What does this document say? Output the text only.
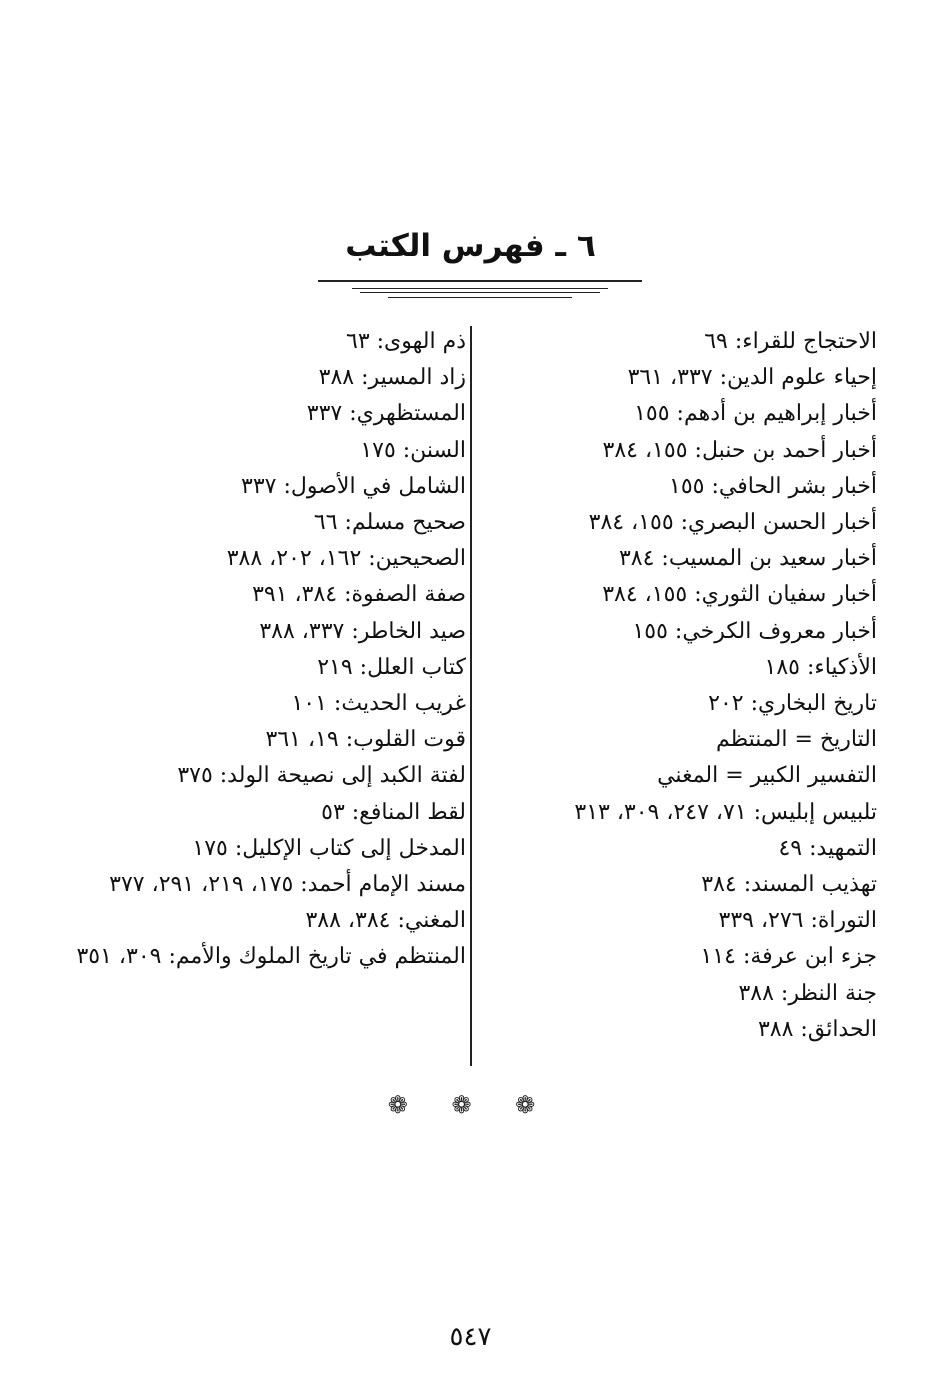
٦ ـ فهرس الكتب
الاحتجاج للقراء: ٦٩
إحياء علوم الدين: ٣٣٧، ٣٦١
أخبار إبراهيم بن أدهم: ١٥٥
أخبار أحمد بن حنبل: ١٥٥، ٣٨٤
أخبار بشر الحافي: ١٥٥
أخبار الحسن البصري: ١٥٥، ٣٨٤
أخبار سعيد بن المسيب: ٣٨٤
أخبار سفيان الثوري: ١٥٥، ٣٨٤
أخبار معروف الكرخي: ١٥٥
الأذكياء: ١٨٥
تاريخ البخاري: ٢٠٢
التاريخ = المنتظم
التفسير الكبير = المغني
تلبيس إبليس: ٧١، ٢٤٧، ٣٠٩، ٣١٣
التمهيد: ٤٩
تهذيب المسند: ٣٨٤
التوراة: ٢٧٦، ٣٣٩
جزء ابن عرفة: ١١٤
جنة النظر: ٣٨٨
الحدائق: ٣٨٨
ذم الهوى: ٦٣
زاد المسير: ٣٨٨
المستظهري: ٣٣٧
السنن: ١٧٥
الشامل في الأصول: ٣٣٧
صحيح مسلم: ٦٦
الصحيحين: ١٦٢، ٢٠٢، ٣٨٨
صفة الصفوة: ٣٨٤، ٣٩١
صيد الخاطر: ٣٣٧، ٣٨٨
كتاب العلل: ٢١٩
غريب الحديث: ١٠١
قوت القلوب: ١٩، ٣٦١
لفتة الكبد إلى نصيحة الولد: ٣٧٥
لقط المنافع: ٥٣
المدخل إلى كتاب الإكليل: ١٧٥
مسند الإمام أحمد: ١٧٥، ٢١٩، ٢٩١، ٣٧٧
المغني: ٣٨٤، ٣٨٨
المنتظم في تاريخ الملوك والأمم: ٣٠٩، ٣٥١
❁ ❁ ❁
٥٤٧
